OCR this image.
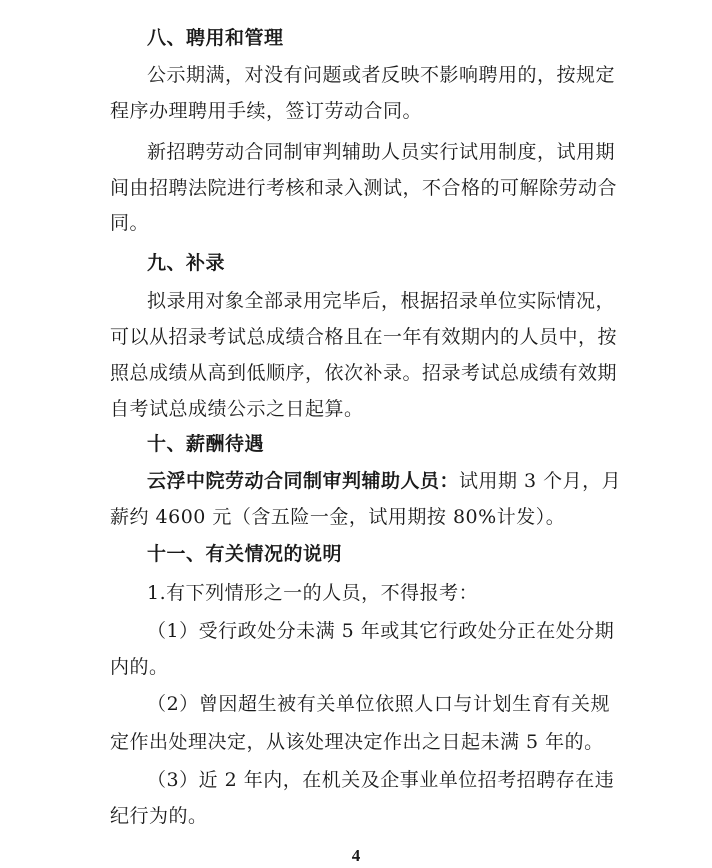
八、聘用和管理
公示期满，对没有问题或者反映不影响聘用的，按规定
程序办理聘用手续，签订劳动合同。
新招聘劳动合同制审判辅助人员实行试用制度，试用期
间由招聘法院进行考核和录入测试，不合格的可解除劳动合
同。
九、补录
拟录用对象全部录用完毕后，根据招录单位实际情况，
可以从招录考试总成绩合格且在一年有效期内的人员中，按
照总成绩从高到低顺序，依次补录。招录考试总成绩有效期
自考试总成绩公示之日起算。
十、薪酬待遇
云浮中院劳动合同制审判辅助人员： 试用期 3 个月，月
薪约 4600 元（含五险一金，试用期按 80%计发）。
十一、有关情况的说明
1.有下列情形之一的人员，不得报考：
（1）受行政处分未满 5 年或其它行政处分正在处分期
内的。
（2）曾因超生被有关单位依照人口与计划生育有关规
定作出处理决定，从该处理决定作出之日起未满 5 年的。
（3）近 2 年内，在机关及企事业单位招考招聘存在违
纪行为的。
4
